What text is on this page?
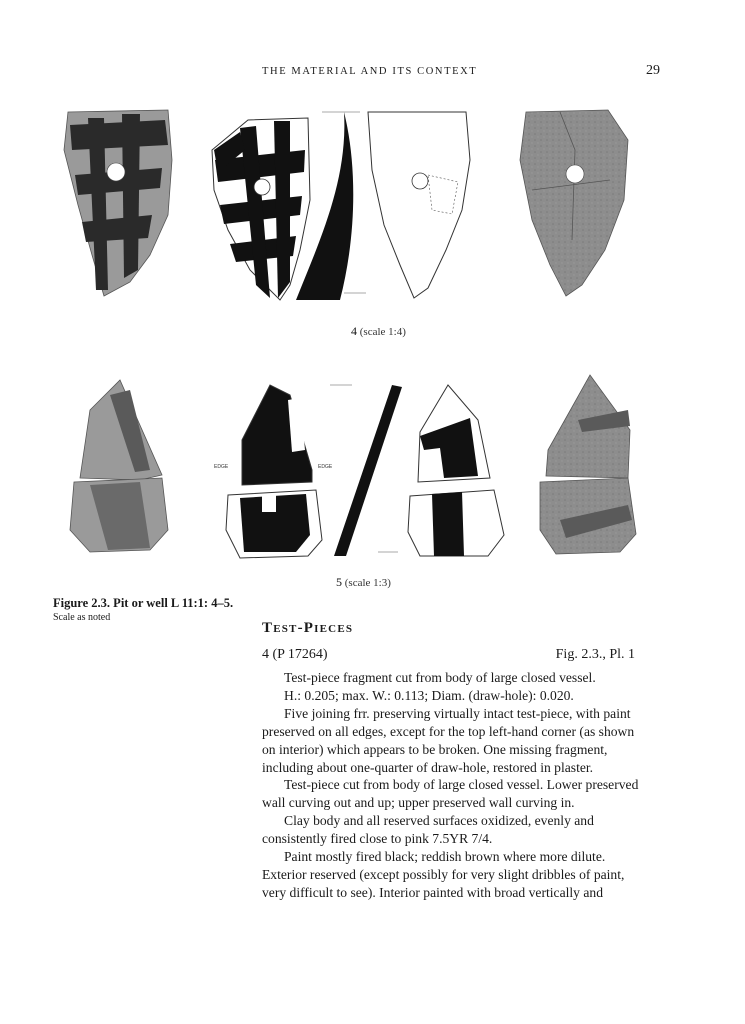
THE MATERIAL AND ITS CONTEXT	29
EDGE	EDGE
4 (scale 1:4)
5 (scale 1:3)
Figure 2.3. Pit or well L 11:1: 4–5.
Scale as noted
Test-Pieces
4 (P 17264)	Fig. 2.3., Pl. 1

Test-piece fragment cut from body of large closed vessel.

H.: 0.205; max. W.: 0.113; Diam. (draw-hole): 0.020.

Five joining frr. preserving virtually intact test-piece, with paint preserved on all edges, except for the top left-hand corner (as shown on interior) which appears to be broken. One missing fragment, including about one-quarter of draw-hole, restored in plaster.

Test-piece cut from body of large closed vessel. Lower preserved wall curving out and up; upper preserved wall curving in.

Clay body and all reserved surfaces oxidized, evenly and consistently fired close to pink 7.5YR 7/4.

Paint mostly fired black; reddish brown where more dilute.

Exterior reserved (except possibly for very slight dribbles of paint, very difficult to see). Interior painted with broad vertically and
